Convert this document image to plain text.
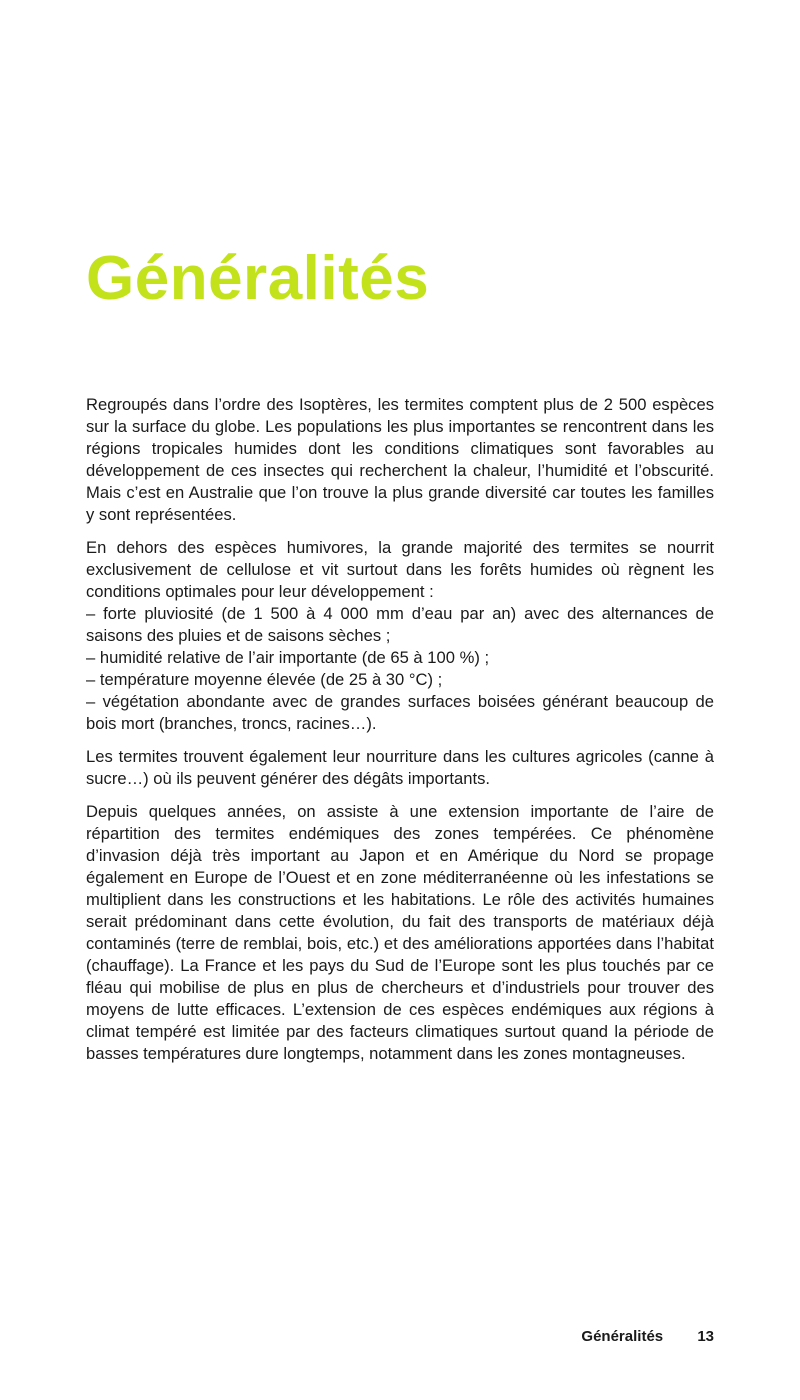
Généralités

Regroupés dans l’ordre des Isoptères, les termites comptent plus de 2 500 espèces sur la surface du globe. Les populations les plus importantes se rencontrent dans les régions tropicales humides dont les conditions climatiques sont favorables au développement de ces insectes qui recherchent la chaleur, l’humidité et l’obscurité. Mais c’est en Australie que l’on trouve la plus grande diversité car toutes les familles y sont représentées.

En dehors des espèces humivores, la grande majorité des termites se nourrit exclusivement de cellulose et vit surtout dans les forêts humides où règnent les conditions optimales pour leur développement :

– forte pluviosité (de 1 500 à 4 000 mm d’eau par an) avec des alternances de saisons des pluies et de saisons sèches ;
– humidité relative de l’air importante (de 65 à 100 %) ;
– température moyenne élevée (de 25 à 30 °C) ;
– végétation abondante avec de grandes surfaces boisées générant beaucoup de bois mort (branches, troncs, racines…).

Les termites trouvent également leur nourriture dans les cultures agricoles (canne à sucre…) où ils peuvent générer des dégâts importants.

Depuis quelques années, on assiste à une extension importante de l’aire de répartition des termites endémiques des zones tempérées. Ce phénomène d’invasion déjà très important au Japon et en Amérique du Nord se propage également en Europe de l’Ouest et en zone méditerranéenne où les infestations se multiplient dans les constructions et les habitations. Le rôle des activités humaines serait prédominant dans cette évolution, du fait des transports de matériaux déjà contaminés (terre de remblai, bois, etc.) et des améliorations apportées dans l’habitat (chauffage). La France et les pays du Sud de l’Europe sont les plus touchés par ce fléau qui mobilise de plus en plus de chercheurs et d’industriels pour trouver des moyens de lutte efficaces. L’extension de ces espèces endémiques aux régions à climat tempéré est limitée par des facteurs climatiques surtout quand la période de basses températures dure longtemps, notamment dans les zones montagneuses.

Généralités 13
